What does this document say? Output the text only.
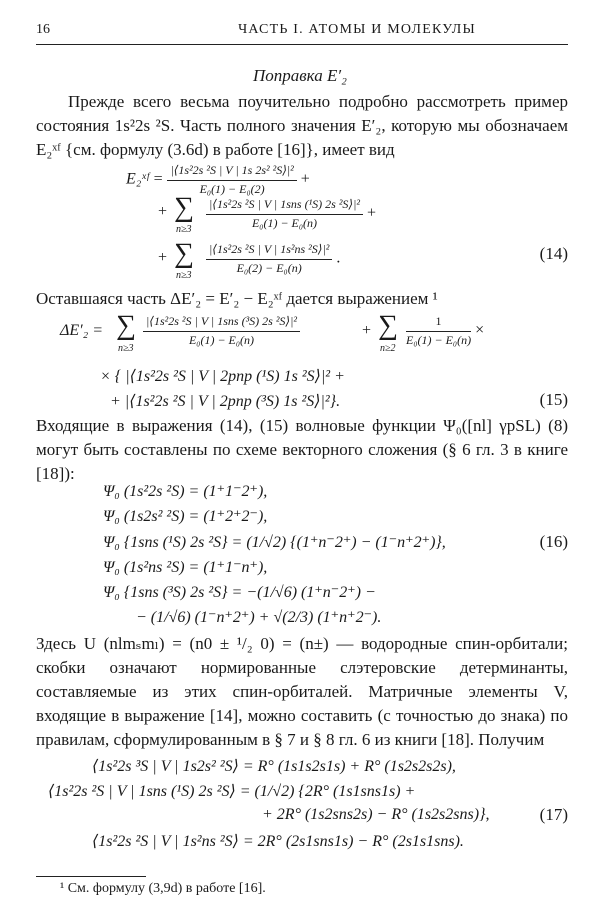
16	ЧАСТЬ I. АТОМЫ И МОЛЕКУЛЫ
Поправка E′₂

Прежде всего весьма поучительно подробно рассмотреть пример состояния 1s²2s ²S. Часть полного значения E′₂, которую мы обозначаем E₂ˣᶠ {см. формулу (3.6d) в работе [16]}, имеет вид

E₂ˣᶠ = $\frac{\text{|⟨1s²2s ²S | V | 1s 2s² ²S⟩|²}}{\text{E₀(1) − E₀(2)}}$ +
+ ∑
$n\ge 3 \frac{\text{|⟨1s²2s ²S | V | 1sns (¹S) 2s ²S⟩|²}}{\text{E₀(1) − E₀(n)}}$ +
+ ∑
$n\ge 3 \frac{\text{|⟨1s²2s ²S | V | 1s²ns ²S⟩|²}}{\text{E₀(2) − E₀(n)}}$ .	(14)

Оставшаяся часть ΔE′₂ = E′₂ − E₂ˣᶠ дается выражением ¹

ΔE′₂ = ∑
n≥3
$\frac{\text{|⟨1s²2s ²S | V | 1sns (³S) 2s ²S⟩|²}}{\text{E₀(1) − E₀(n)}}$	+ ∑
n≥2
$\frac{1}{\text{E₀(1) − E₀(n)}}$ ×
× { |⟨1s²2s ²S | V | 2pnp (¹S) 1s ²S⟩|² +
+ |⟨1s²2s ²S | V | 2pnp (³S) 1s ²S⟩|²}.	(15)

Входящие в выражения (14), (15) волновые функции Ψ₀([nl] γpSL) (8) могут быть составлены по схеме векторного сложения (§ 6 гл. 3 в книге [18]):

Ψ₀ (1s²2s ²S) = (1⁺1⁻2⁺),
Ψ₀ (1s2s² ²S) = (1⁺2⁺2⁻),
Ψ₀ {1sns (¹S) 2s ²S} = (1/√2) {(1⁺n⁻2⁺) − (1⁻n⁺2⁺)},	(16)
Ψ₀ (1s²ns ²S) = (1⁺1⁻n⁺),
Ψ₀ {1sns (³S) 2s ²S} = −(1/√6) (1⁺n⁻2⁺) −
− (1/√6) (1⁻n⁺2⁺) + √(2/3) (1⁺n⁺2⁻).

Здесь U (nlmₛmₗ) = (n0 ± ¹/₂ 0) = (n±) — водородные спин-орбитали; скобки означают нормированные слэтеровские детерминанты, составляемые из этих спин-орбиталей. Матричные элементы V, входящие в выражение [14], можно составить (с точностью до знака) по правилам, сформулированным в § 7 и § 8 гл. 6 из книги [18]. Получим

⟨1s²2s ³S | V | 1s2s² ²S⟩ = R° (1s1s2s1s) + R° (1s2s2s2s),
⟨1s²2s ²S | V | 1sns (¹S) 2s ²S⟩ = (1/√2) {2R° (1s1sns1s) +
+ 2R° (1s2sns2s) − R° (1s2s2sns)},	(17)
⟨1s²2s ²S | V | 1s²ns ²S⟩ = 2R° (2s1sns1s) − R° (2s1s1sns).
¹ См. формулу (3,9d) в работе [16].
